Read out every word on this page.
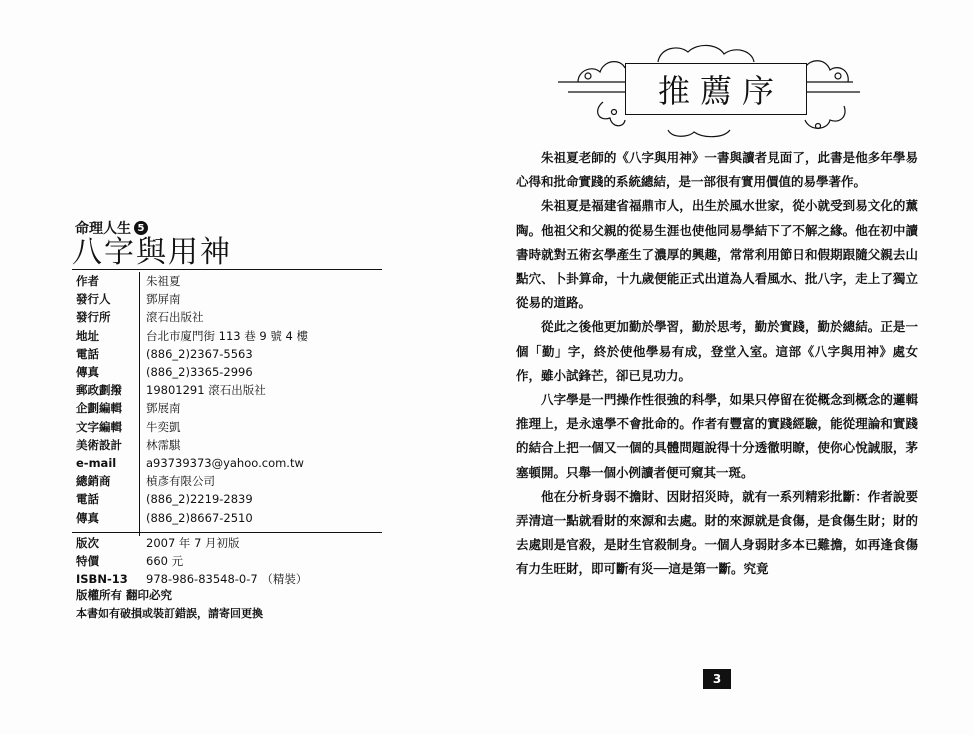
命理人生 5
八字與用神
作者	朱祖夏
發行人	鄧屏南
發行所	滾石出版社
地址	台北市廈門街 113 巷 9 號 4 樓
電話	(886_2)2367-5563
傳真	(886_2)3365-2996
郵政劃撥	19801291 滾石出版社
企劃編輯	鄧展南
文字編輯	牛奕凱
美術設計	林霈騏
e-mail	a93739373@yahoo.com.tw
總銷商	楨彥有限公司
電話	(886_2)2219-2839
傳真	(886_2)8667-2510
版次	2007 年 7 月初版
特價	660 元
ISBN-13	978-986-83548-0-7 （精裝）
版權所有 翻印必究
本書如有破損或裝訂錯誤，請寄回更換
推薦序

朱祖夏老師的《八字與用神》一書與讀者見面了，此書是他多年學易心得和批命實踐的系統總結，是一部很有實用價值的易學著作。

朱祖夏是福建省福鼎市人，出生於風水世家，從小就受到易文化的薰陶。他祖父和父親的從易生涯也使他同易學結下了不解之緣。他在初中讀書時就對五術玄學產生了濃厚的興趣，常常利用節日和假期跟隨父親去山點穴、卜卦算命，十九歲便能正式出道為人看風水、批八字，走上了獨立從易的道路。

從此之後他更加勤於學習，勤於思考，勤於實踐，勤於總結。正是一個「勤」字，終於使他學易有成，登堂入室。這部《八字與用神》處女作，雖小試鋒芒，卻已見功力。

八字學是一門操作性很強的科學，如果只停留在從概念到概念的邏輯推理上，是永遠學不會批命的。作者有豐富的實踐經驗，能從理論和實踐的結合上把一個又一個的具體問題說得十分透徹明瞭，使你心悅誠服，茅塞頓開。只舉一個小例讀者便可窺其一斑。

他在分析身弱不擔財、因財招災時，就有一系列精彩批斷：作者說要弄清這一點就看財的來源和去處。財的來源就是食傷，是食傷生財；財的去處則是官殺，是財生官殺制身。一個人身弱財多本已難擔，如再逢食傷有力生旺財，即可斷有災──這是第一斷。究竟

3
